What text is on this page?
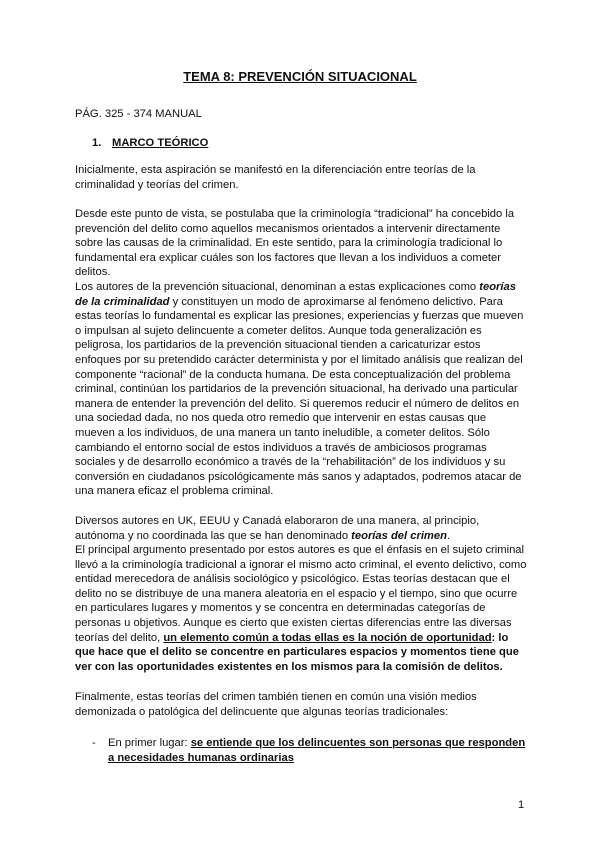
TEMA 8: PREVENCIÓN SITUACIONAL
PÁG. 325 - 374 MANUAL
1. MARCO TEÓRICO

Inicialmente, esta aspiración se manifestó en la diferenciación entre teorías de la criminalidad y teorías del crimen.

Desde este punto de vista, se postulaba que la criminología “tradicional” ha concebido la prevención del delito como aquellos mecanismos orientados a intervenir directamente sobre las causas de la criminalidad. En este sentido, para la criminología tradicional lo fundamental era explicar cuáles son los factores que llevan a los individuos a cometer delitos.

Los autores de la prevención situacional, denominan a estas explicaciones como teorías de la criminalidad y constituyen un modo de aproximarse al fenómeno delictivo. Para estas teorías lo fundamental es explicar las presiones, experiencias y fuerzas que mueven o impulsan al sujeto delincuente a cometer delitos. Aunque toda generalización es peligrosa, los partidarios de la prevención situacional tienden a caricaturizar estos enfoques por su pretendido carácter determinista y por el limitado análisis que realizan del componente “racional” de la conducta humana. De esta conceptualización del problema criminal, continúan los partidarios de la prevención situacional, ha derivado una particular manera de entender la prevención del delito. Si queremos reducir el número de delitos en una sociedad dada, no nos queda otro remedio que intervenir en estas causas que mueven a los individuos, de una manera un tanto ineludible, a cometer delitos. Sólo cambiando el entorno social de estos individuos a través de ambiciosos programas sociales y de desarrollo económico a través de la “rehabilitación” de los individuos y su conversión en ciudadanos psicológicamente más sanos y adaptados, podremos atacar de una manera eficaz el problema criminal.

Diversos autores en UK, EEUU y Canadá elaboraron de una manera, al principio, autónoma y no coordinada las que se han denominado teorías del crimen.

El principal argumento presentado por estos autores es que el énfasis en el sujeto criminal llevó a la criminología tradicional a ignorar el mismo acto criminal, el evento delictivo, como entidad merecedora de análisis sociológico y psicológico. Estas teorías destacan que el delito no se distribuye de una manera aleatoria en el espacio y el tiempo, sino que ocurre en particulares lugares y momentos y se concentra en determinadas categorías de personas u objetivos. Aunque es cierto que existen ciertas diferencias entre las diversas teorías del delito, un elemento común a todas ellas es la noción de oportunidad: lo que hace que el delito se concentre en particulares espacios y momentos tiene que ver con las oportunidades existentes en los mismos para la comisión de delitos.

Finalmente, estas teorías del crimen también tienen en común una visión medios demonizada o patológica del delincuente que algunas teorías tradicionales:

- En primer lugar: se entiende que los delincuentes son personas que responden a necesidades humanas ordinarias
1
